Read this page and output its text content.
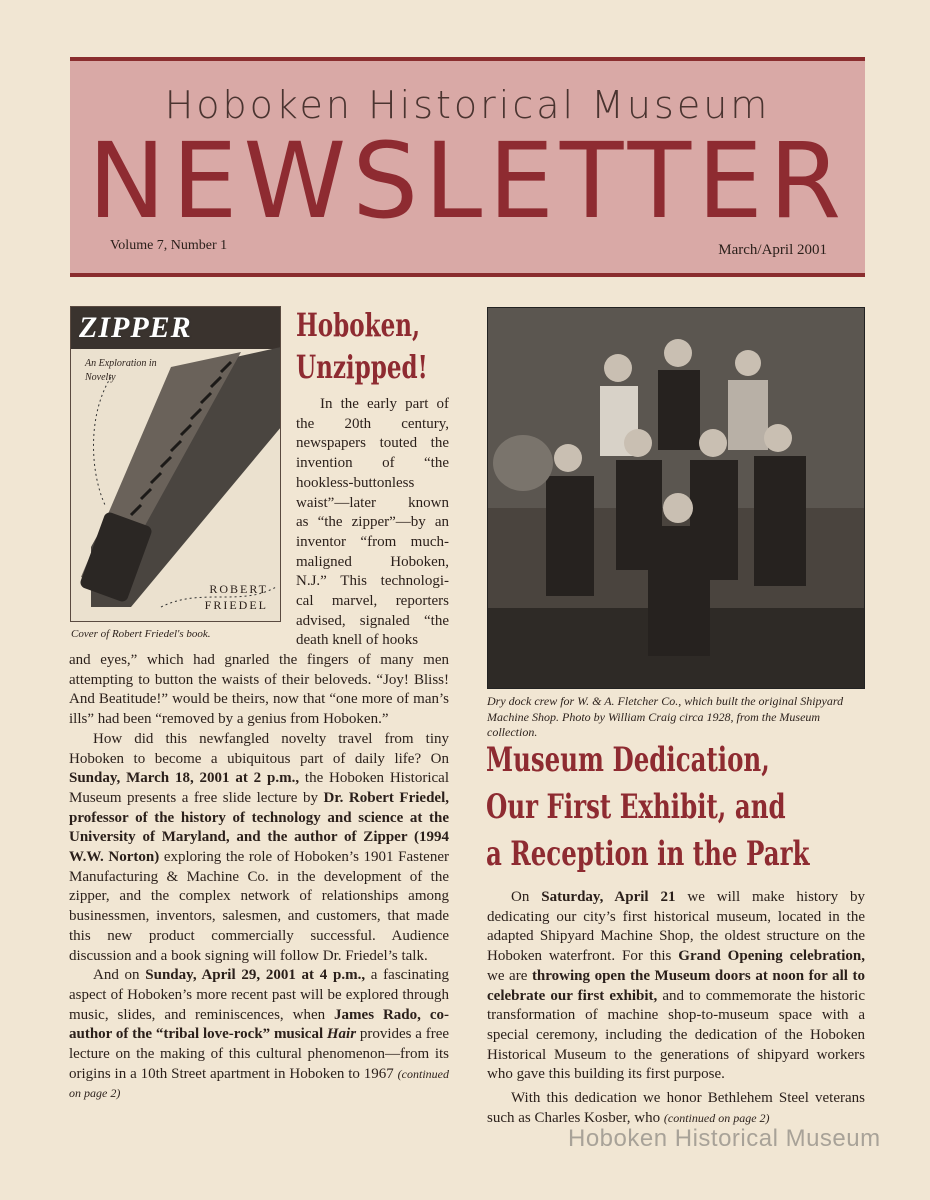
Hoboken Historical Museum
NEWSLETTER
Volume 7, Number 1	March/April 2001
ZIPPER
An Exploration in Novelty
ROBERT
FRIEDEL
Cover of Robert Friedel's book.
Hoboken,
Unzipped!
In the early part of
the 20th century,
newspapers touted the
invention of “the
hookless-buttonless
waist”—later known
as “the zipper”—by an
inventor “from much-
maligned Hoboken,
N.J.” This technologi-
cal marvel, reporters
advised, signaled “the
death knell of hooks

and eyes,” which had gnarled the fingers of many men attempting to button the waists of their beloveds. “Joy! Bliss! And Beatitude!” would be theirs, now that “one more of man’s ills” had been “removed by a genius from Hoboken.”

How did this newfangled novelty travel from tiny Hoboken to become a ubiquitous part of daily life? On Sunday, March 18, 2001 at 2 p.m., the Hoboken Historical Museum presents a free slide lecture by Dr. Robert Friedel, professor of the history of technology and science at the University of Maryland, and the author of Zipper (1994 W.W. Norton) exploring the role of Hoboken’s 1901 Fastener Manufacturing & Machine Co. in the development of the zipper, and the complex network of relationships among businessmen, inventors, salesmen, and customers, that made this new product commercially successful. Audience discussion and a book signing will follow Dr. Friedel’s talk.

And on Sunday, April 29, 2001 at 4 p.m., a fascinating aspect of Hoboken’s more recent past will be explored through music, slides, and reminiscences, when James Rado, co-author of the “tribal love-rock” musical Hair provides a free lecture on the making of this cultural phenomenon—from its origins in a 10th Street apartment in Hoboken to 1967 (continued on page 2)

Dry dock crew for W. & A. Fletcher Co., which built the original Shipyard Machine Shop. Photo by William Craig circa 1928, from the Museum collection.
Museum Dedication,
Our First Exhibit, and
a Reception in the Park

On Saturday, April 21 we will make history by dedicating our city’s first historical museum, located in the adapted Shipyard Machine Shop, the oldest structure on the Hoboken waterfront. For this Grand Opening celebration, we are throwing open the Museum doors at noon for all to celebrate our first exhibit, and to commemorate the historic transformation of machine shop-to-museum space with a special ceremony, including the dedication of the Hoboken Historical Museum to the generations of shipyard workers who gave this building its first purpose.

With this dedication we honor Bethlehem Steel veterans such as Charles Kosber, who (continued on page 2)

Hoboken Historical Museum
